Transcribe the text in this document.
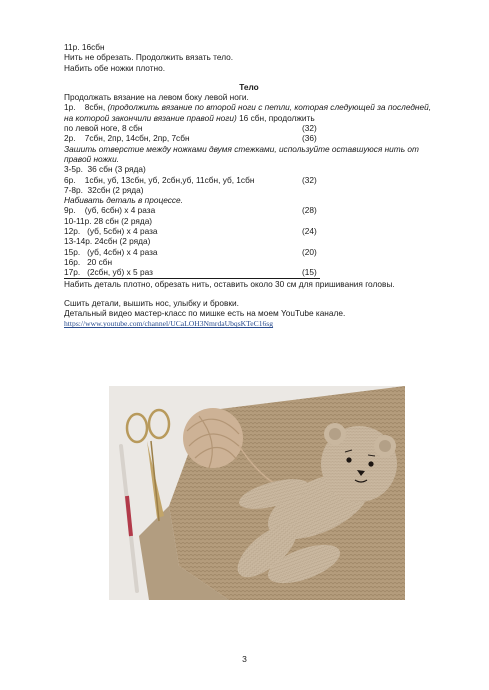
11р. 16сбн
Нить не обрезать. Продолжить вязать тело.
Набить обе ножки плотно.
Тело
Продолжать вязание на левом боку левой ноги.
1р. 8сбн, (продолжить вязание по второй ноги с петли, которая следующей за последней, на которой закончили вязание правой ноги) 16 сбн, продолжить
по левой ноге, 8 сбн	(32)
2р.    7сбн, 2пр, 14сбн, 2пр, 7сбн	(36)
Зашить отверстие между ножками двумя стежками, используйте оставшуюся нить от правой ножки.
3-5р.  36 сбн (3 ряда)
6р.    1сбн, уб, 13сбн, уб, 2сбн,уб, 11сбн, уб, 1сбн	(32)
7-8р.  32сбн (2 ряда)
Набивать деталь в процессе.
9р.    (уб, 6сбн) х 4 раза	(28)
10-11р. 28 сбн (2 ряда)
12р.   (уб, 5сбн) х 4 раза	(24)
13-14р. 24сбн (2 ряда)
15р.   (уб, 4сбн) х 4 раза	(20)
16р.   20 сбн
17р.   (2сбн, уб) х 5 раз	(15)
Набить деталь плотно, обрезать нить, оставить около 30 см для пришивания головы.
Сшить детали, вышить нос, улыбку и бровки.
Детальный видео мастер-класс по мишке есть на моем YouTube канале.
https://www.youtube.com/channel/UCaLOH3NmrdaUbqsKTeC16sg
3
